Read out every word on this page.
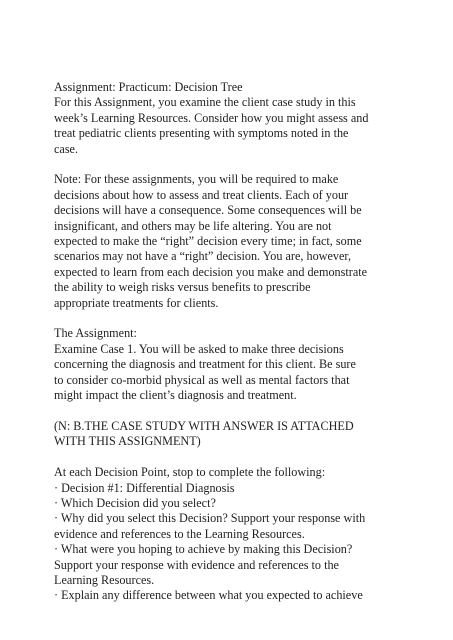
Assignment: Practicum: Decision Tree
For this Assignment, you examine the client case study in this
week’s Learning Resources. Consider how you might assess and
treat pediatric clients presenting with symptoms noted in the
case.

Note: For these assignments, you will be required to make
decisions about how to assess and treat clients. Each of your
decisions will have a consequence. Some consequences will be
insignificant, and others may be life altering. You are not
expected to make the “right” decision every time; in fact, some
scenarios may not have a “right” decision. You are, however,
expected to learn from each decision you make and demonstrate
the ability to weigh risks versus benefits to prescribe
appropriate treatments for clients.

The Assignment:
Examine Case 1. You will be asked to make three decisions
concerning the diagnosis and treatment for this client. Be sure
to consider co-morbid physical as well as mental factors that
might impact the client’s diagnosis and treatment.

(N: B.THE CASE STUDY WITH ANSWER IS ATTACHED
WITH THIS ASSIGNMENT)

At each Decision Point, stop to complete the following:
· Decision #1: Differential Diagnosis
· Which Decision did you select?
· Why did you select this Decision? Support your response with
evidence and references to the Learning Resources.
· What were you hoping to achieve by making this Decision?
Support your response with evidence and references to the
Learning Resources.
· Explain any difference between what you expected to achieve
